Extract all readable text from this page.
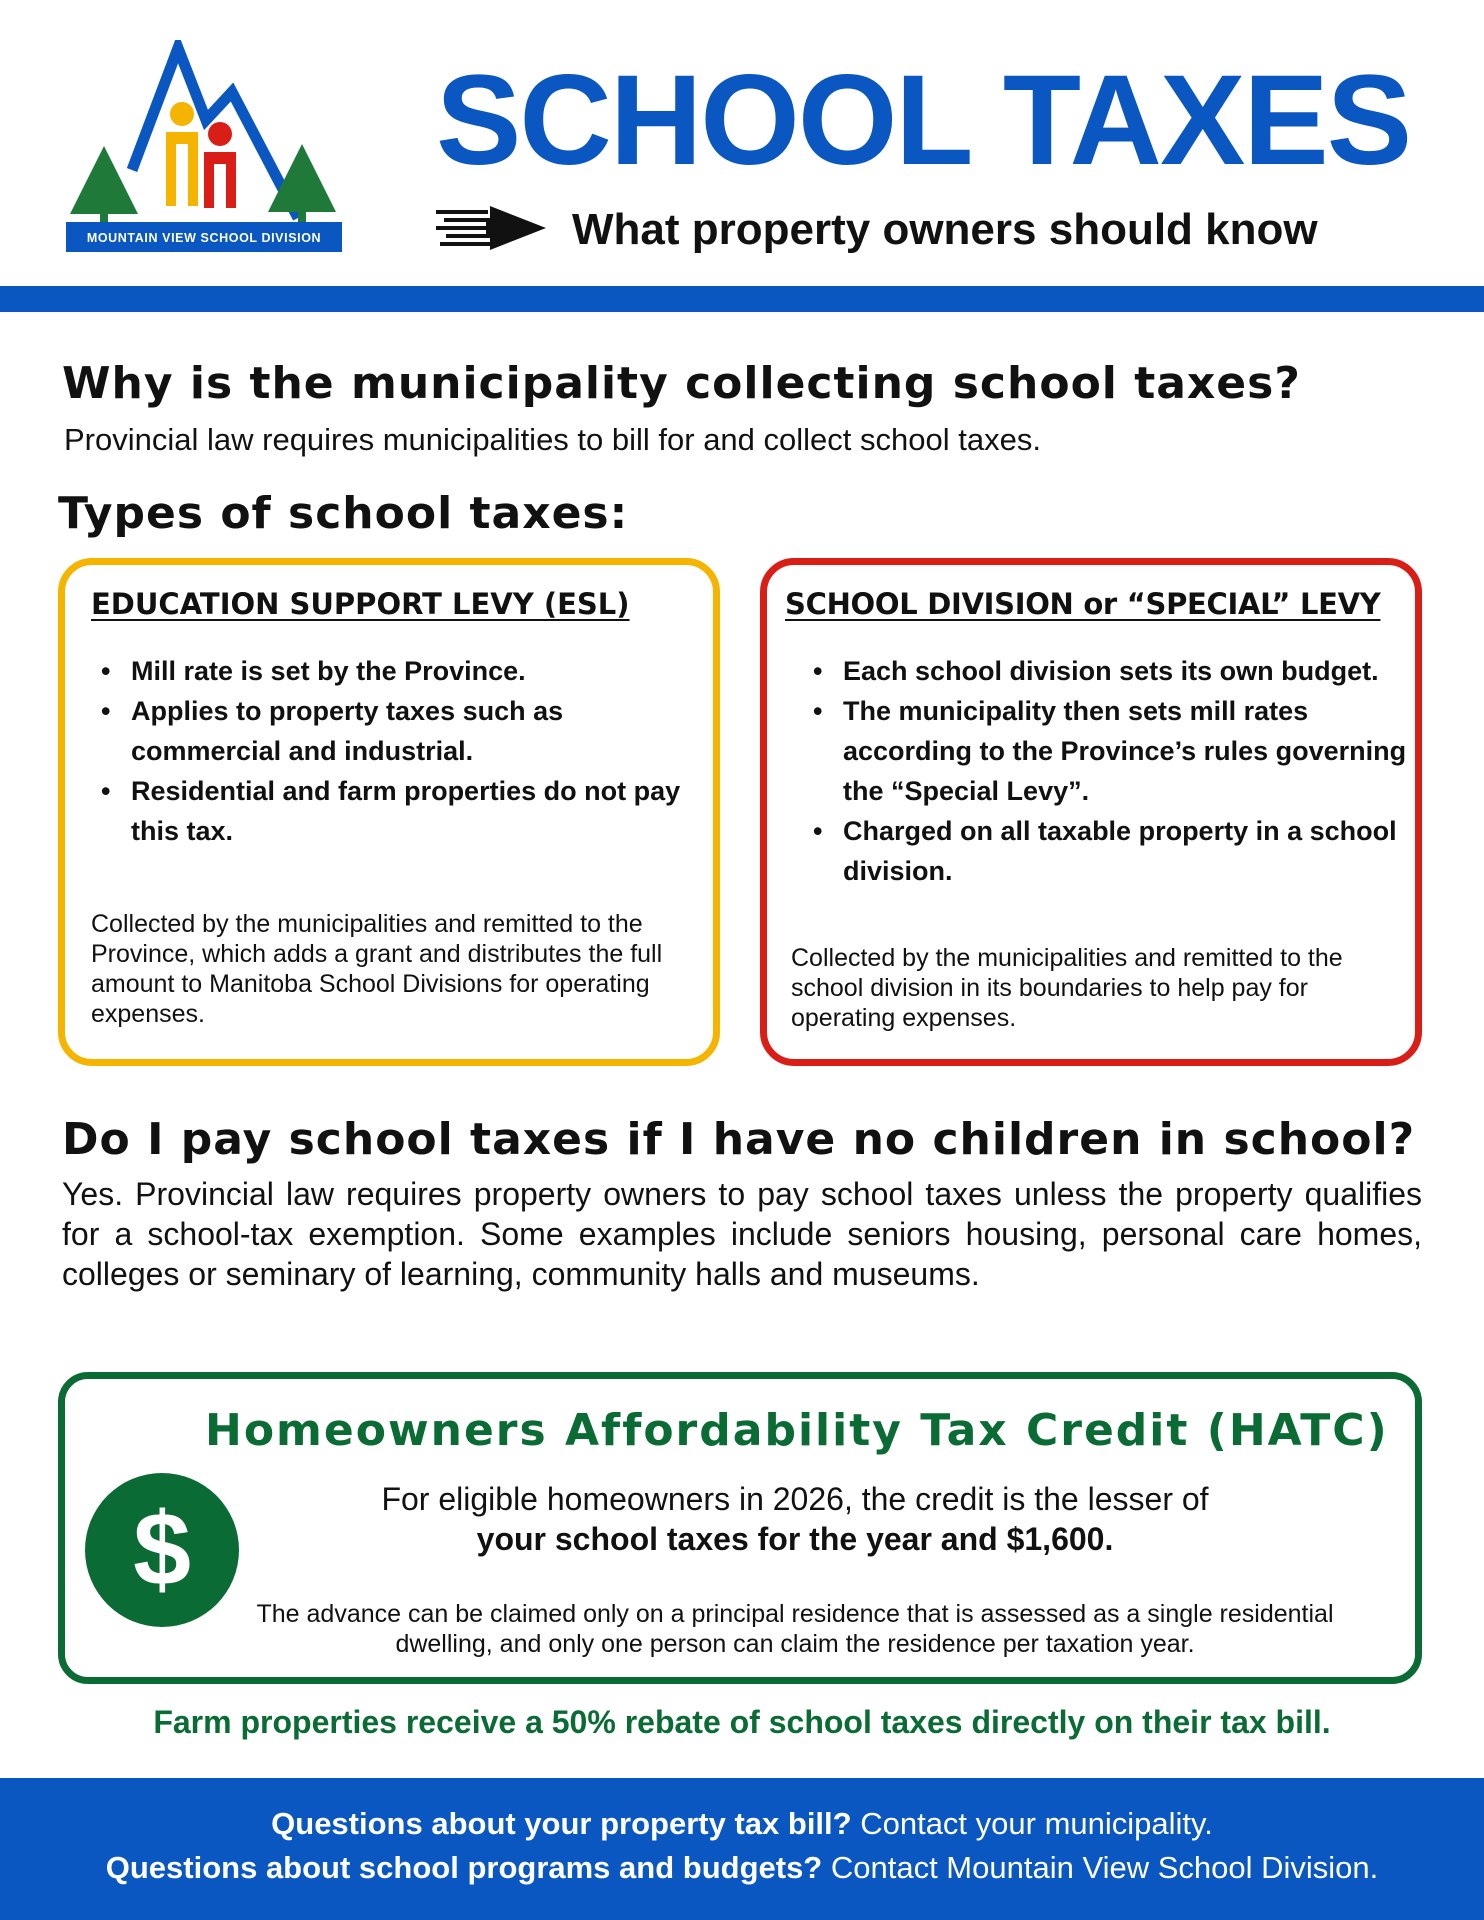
MOUNTAIN VIEW SCHOOL DIVISION
SCHOOL TAXES
What property owners should know
Why is the municipality collecting school taxes?
Provincial law requires municipalities to bill for and collect school taxes.
Types of school taxes:
EDUCATION SUPPORT LEVY (ESL)
• Mill rate is set by the Province.
• Applies to property taxes such as commercial and industrial.
• Residential and farm properties do not pay this tax.
Collected by the municipalities and remitted to the Province, which adds a grant and distributes the full amount to Manitoba School Divisions for operating expenses.
SCHOOL DIVISION or “SPECIAL” LEVY
• Each school division sets its own budget.
• The municipality then sets mill rates according to the Province’s rules governing the “Special Levy”.
• Charged on all taxable property in a school division.
Collected by the municipalities and remitted to the school division in its boundaries to help pay for operating expenses.
Do I pay school taxes if I have no children in school?
Yes. Provincial law requires property owners to pay school taxes unless the property qualifies for a school-tax exemption. Some examples include seniors housing, personal care homes, colleges or seminary of learning, community halls and museums.
Homeowners Affordability Tax Credit (HATC)
$	For eligible homeowners in 2026, the credit is the lesser of
your school taxes for the year and $1,600.
The advance can be claimed only on a principal residence that is assessed as a single residential dwelling, and only one person can claim the residence per taxation year.
Farm properties receive a 50% rebate of school taxes directly on their tax bill.
Questions about your property tax bill? Contact your municipality.
Questions about school programs and budgets? Contact Mountain View School Division.
